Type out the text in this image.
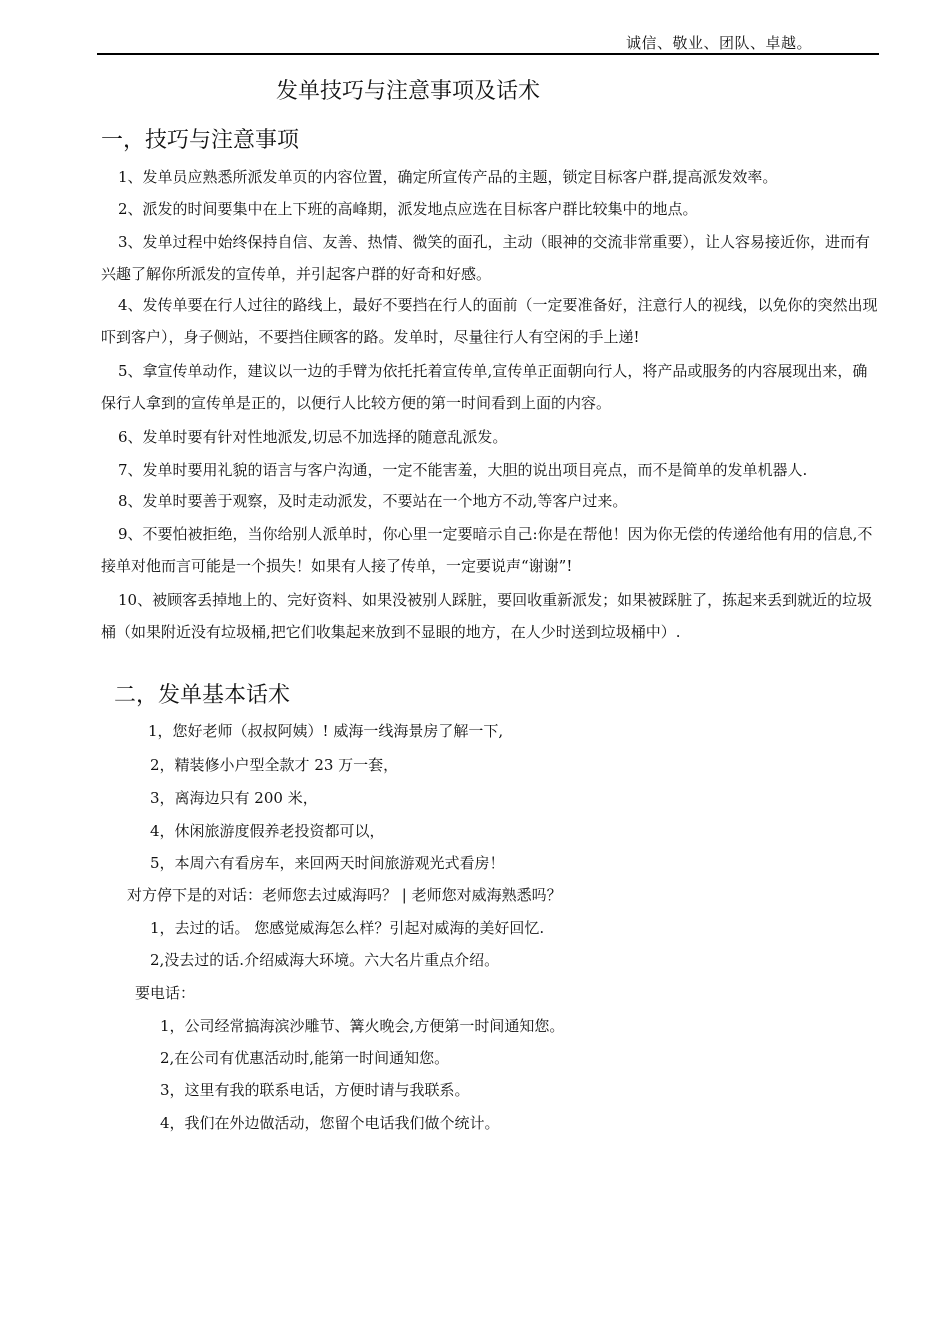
诚信、敬业、团队、卓越。
发单技巧与注意事项及话术
一，技巧与注意事项
1、发单员应熟悉所派发单页的内容位置，确定所宣传产品的主题，锁定目标客户群,提高派发效率。
2、派发的时间要集中在上下班的高峰期，派发地点应选在目标客户群比较集中的地点。
3、发单过程中始终保持自信、友善、热情、微笑的面孔，主动（眼神的交流非常重要），让人容易接近你，进而有兴趣了解你所派发的宣传单，并引起客户群的好奇和好感。
4、发传单要在行人过往的路线上，最好不要挡在行人的面前（一定要准备好，注意行人的视线，以免你的突然出现吓到客户），身子侧站，不要挡住顾客的路。发单时，尽量往行人有空闲的手上递!
5、拿宣传单动作，建议以一边的手臂为依托托着宣传单,宣传单正面朝向行人，将产品或服务的内容展现出来，确保行人拿到的宣传单是正的，以便行人比较方便的第一时间看到上面的内容。
6、发单时要有针对性地派发,切忌不加选择的随意乱派发。
7、发单时要用礼貌的语言与客户沟通，一定不能害羞，大胆的说出项目亮点，而不是简单的发单机器人.
8、发单时要善于观察，及时走动派发，不要站在一个地方不动,等客户过来。
9、不要怕被拒绝，当你给别人派单时，你心里一定要暗示自己:你是在帮他！因为你无偿的传递给他有用的信息,不接单对他而言可能是一个损失！如果有人接了传单，一定要说声“谢谢”!
10、被顾客丢掉地上的、完好资料、如果没被别人踩脏，要回收重新派发；如果被踩脏了，拣起来丢到就近的垃圾桶（如果附近没有垃圾桶,把它们收集起来放到不显眼的地方，在人少时送到垃圾桶中）.
二，发单基本话术
1，您好老师（叔叔阿姨）! 威海一线海景房了解一下,
2，精装修小户型全款才 23 万一套，
3，离海边只有 200 米，
4，休闲旅游度假养老投资都可以，
5，本周六有看房车，来回两天时间旅游观光式看房！
对方停下是的对话：老师您去过威海吗？ | 老师您对威海熟悉吗？
1，去过的话。 您感觉威海怎么样？引起对威海的美好回忆.
2,没去过的话.介绍威海大环境。六大名片重点介绍。
要电话：
1，公司经常搞海滨沙雕节、篝火晚会,方便第一时间通知您。
2,在公司有优惠活动时,能第一时间通知您。
3，这里有我的联系电话，方便时请与我联系。
4，我们在外边做活动，您留个电话我们做个统计。
